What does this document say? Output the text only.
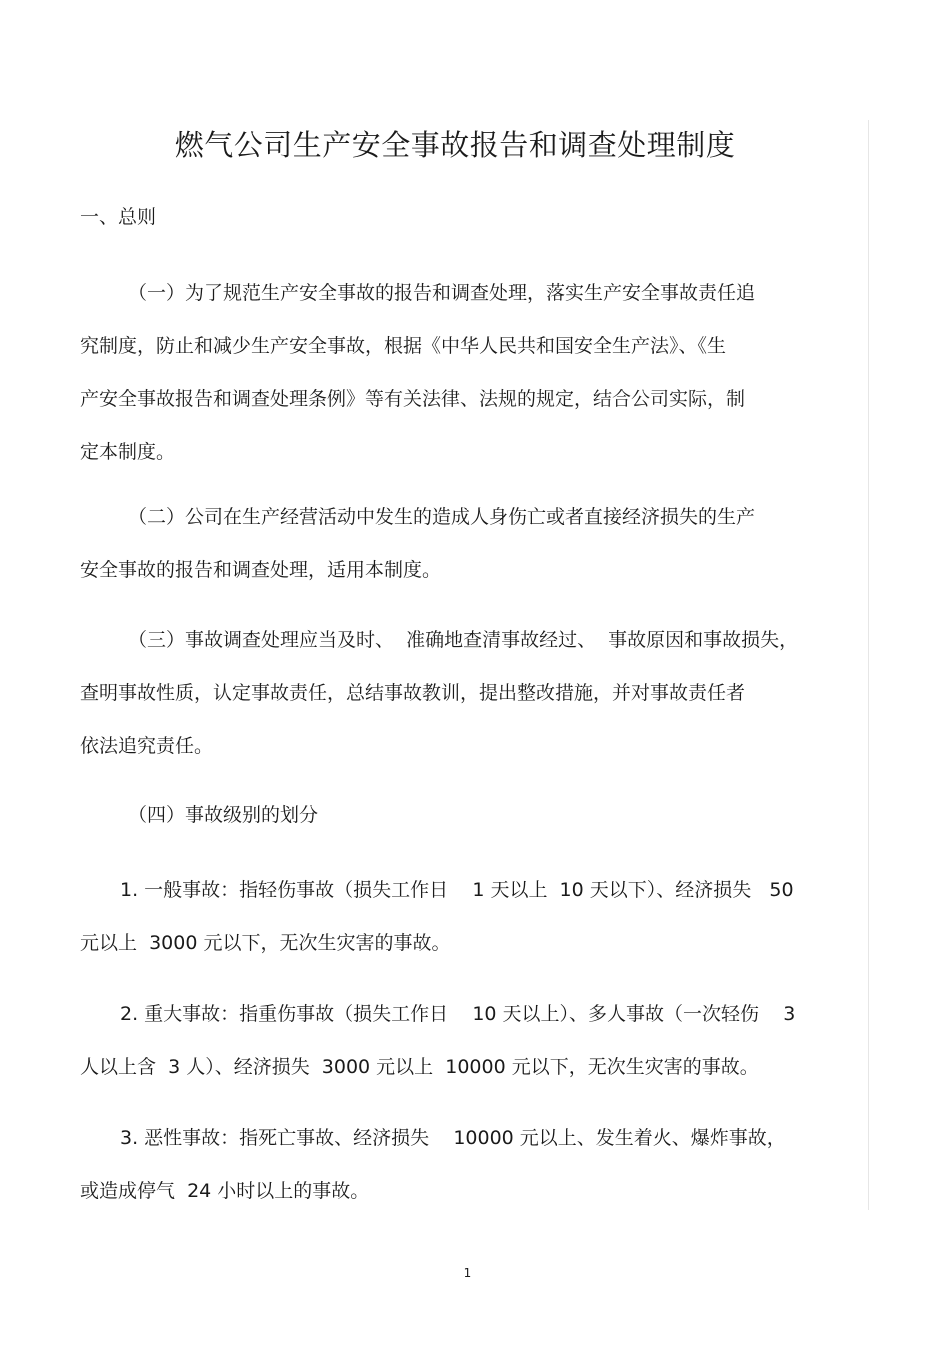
燃气公司生产安全事故报告和调查处理制度
一、总则
（一）为了规范生产安全事故的报告和调查处理，落实生产安全事故责任追
究制度，防止和减少生产安全事故，根据《中华人民共和国安全生产法》、《生
产安全事故报告和调查处理条例》等有关法律、法规的规定，结合公司实际，制
定本制度。
（二）公司在生产经营活动中发生的造成人身伤亡或者直接经济损失的生产
安全事故的报告和调查处理，适用本制度。
（三）事故调查处理应当及时、  准确地查清事故经过、  事故原因和事故损失，
查明事故性质，认定事故责任，总结事故教训，提出整改措施，并对事故责任者
依法追究责任。
（四）事故级别的划分
1. 一般事故：指轻伤事故（损失工作日    1 天以上  10 天以下）、经济损失   50
元以上  3000 元以下，无次生灾害的事故。
2. 重大事故：指重伤事故（损失工作日    10 天以上）、多人事故（一次轻伤    3
人以上含  3 人）、经济损失  3000 元以上  10000 元以下，无次生灾害的事故。
3. 恶性事故：指死亡事故、经济损失    10000 元以上、发生着火、爆炸事故，
或造成停气  24 小时以上的事故。
1
